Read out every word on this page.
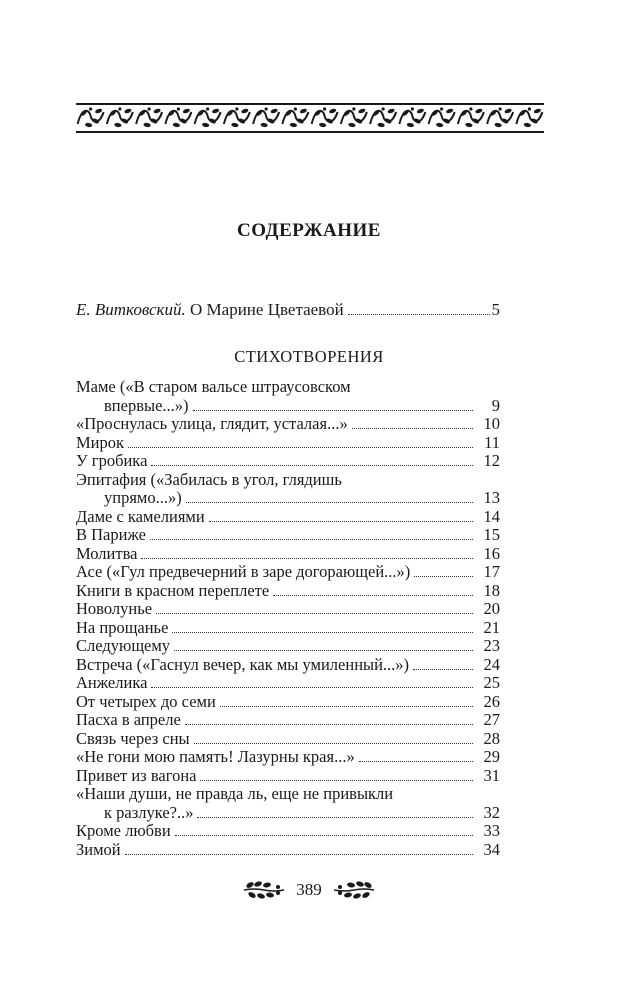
СОДЕРЖАНИЕ
Е. Витковский. О Марине Цветаевой	5
СТИХОТВОРЕНИЯ
Маме («В старом вальсе штраусовском
впервые...»)	9
«Проснулась улица, глядит, усталая...»	10
Мирок	11
У гробика	12
Эпитафия («Забилась в угол, глядишь
упрямо...»)	13
Даме с камелиями	14
В Париже	15
Молитва	16
Асе («Гул предвечерний в заре догорающей...»)	17
Книги в красном переплете	18
Новолунье	20
На прощанье	21
Следующему	23
Встреча («Гаснул вечер, как мы умиленный...»)	24
Анжелика	25
От четырех до семи	26
Пасха в апреле	27
Связь через сны	28
«Не гони мою память! Лазурны края...»	29
Привет из вагона	31
«Наши души, не правда ль, еще не привыкли
к разлуке?..»	32
Кроме любви	33
Зимой	34
389
